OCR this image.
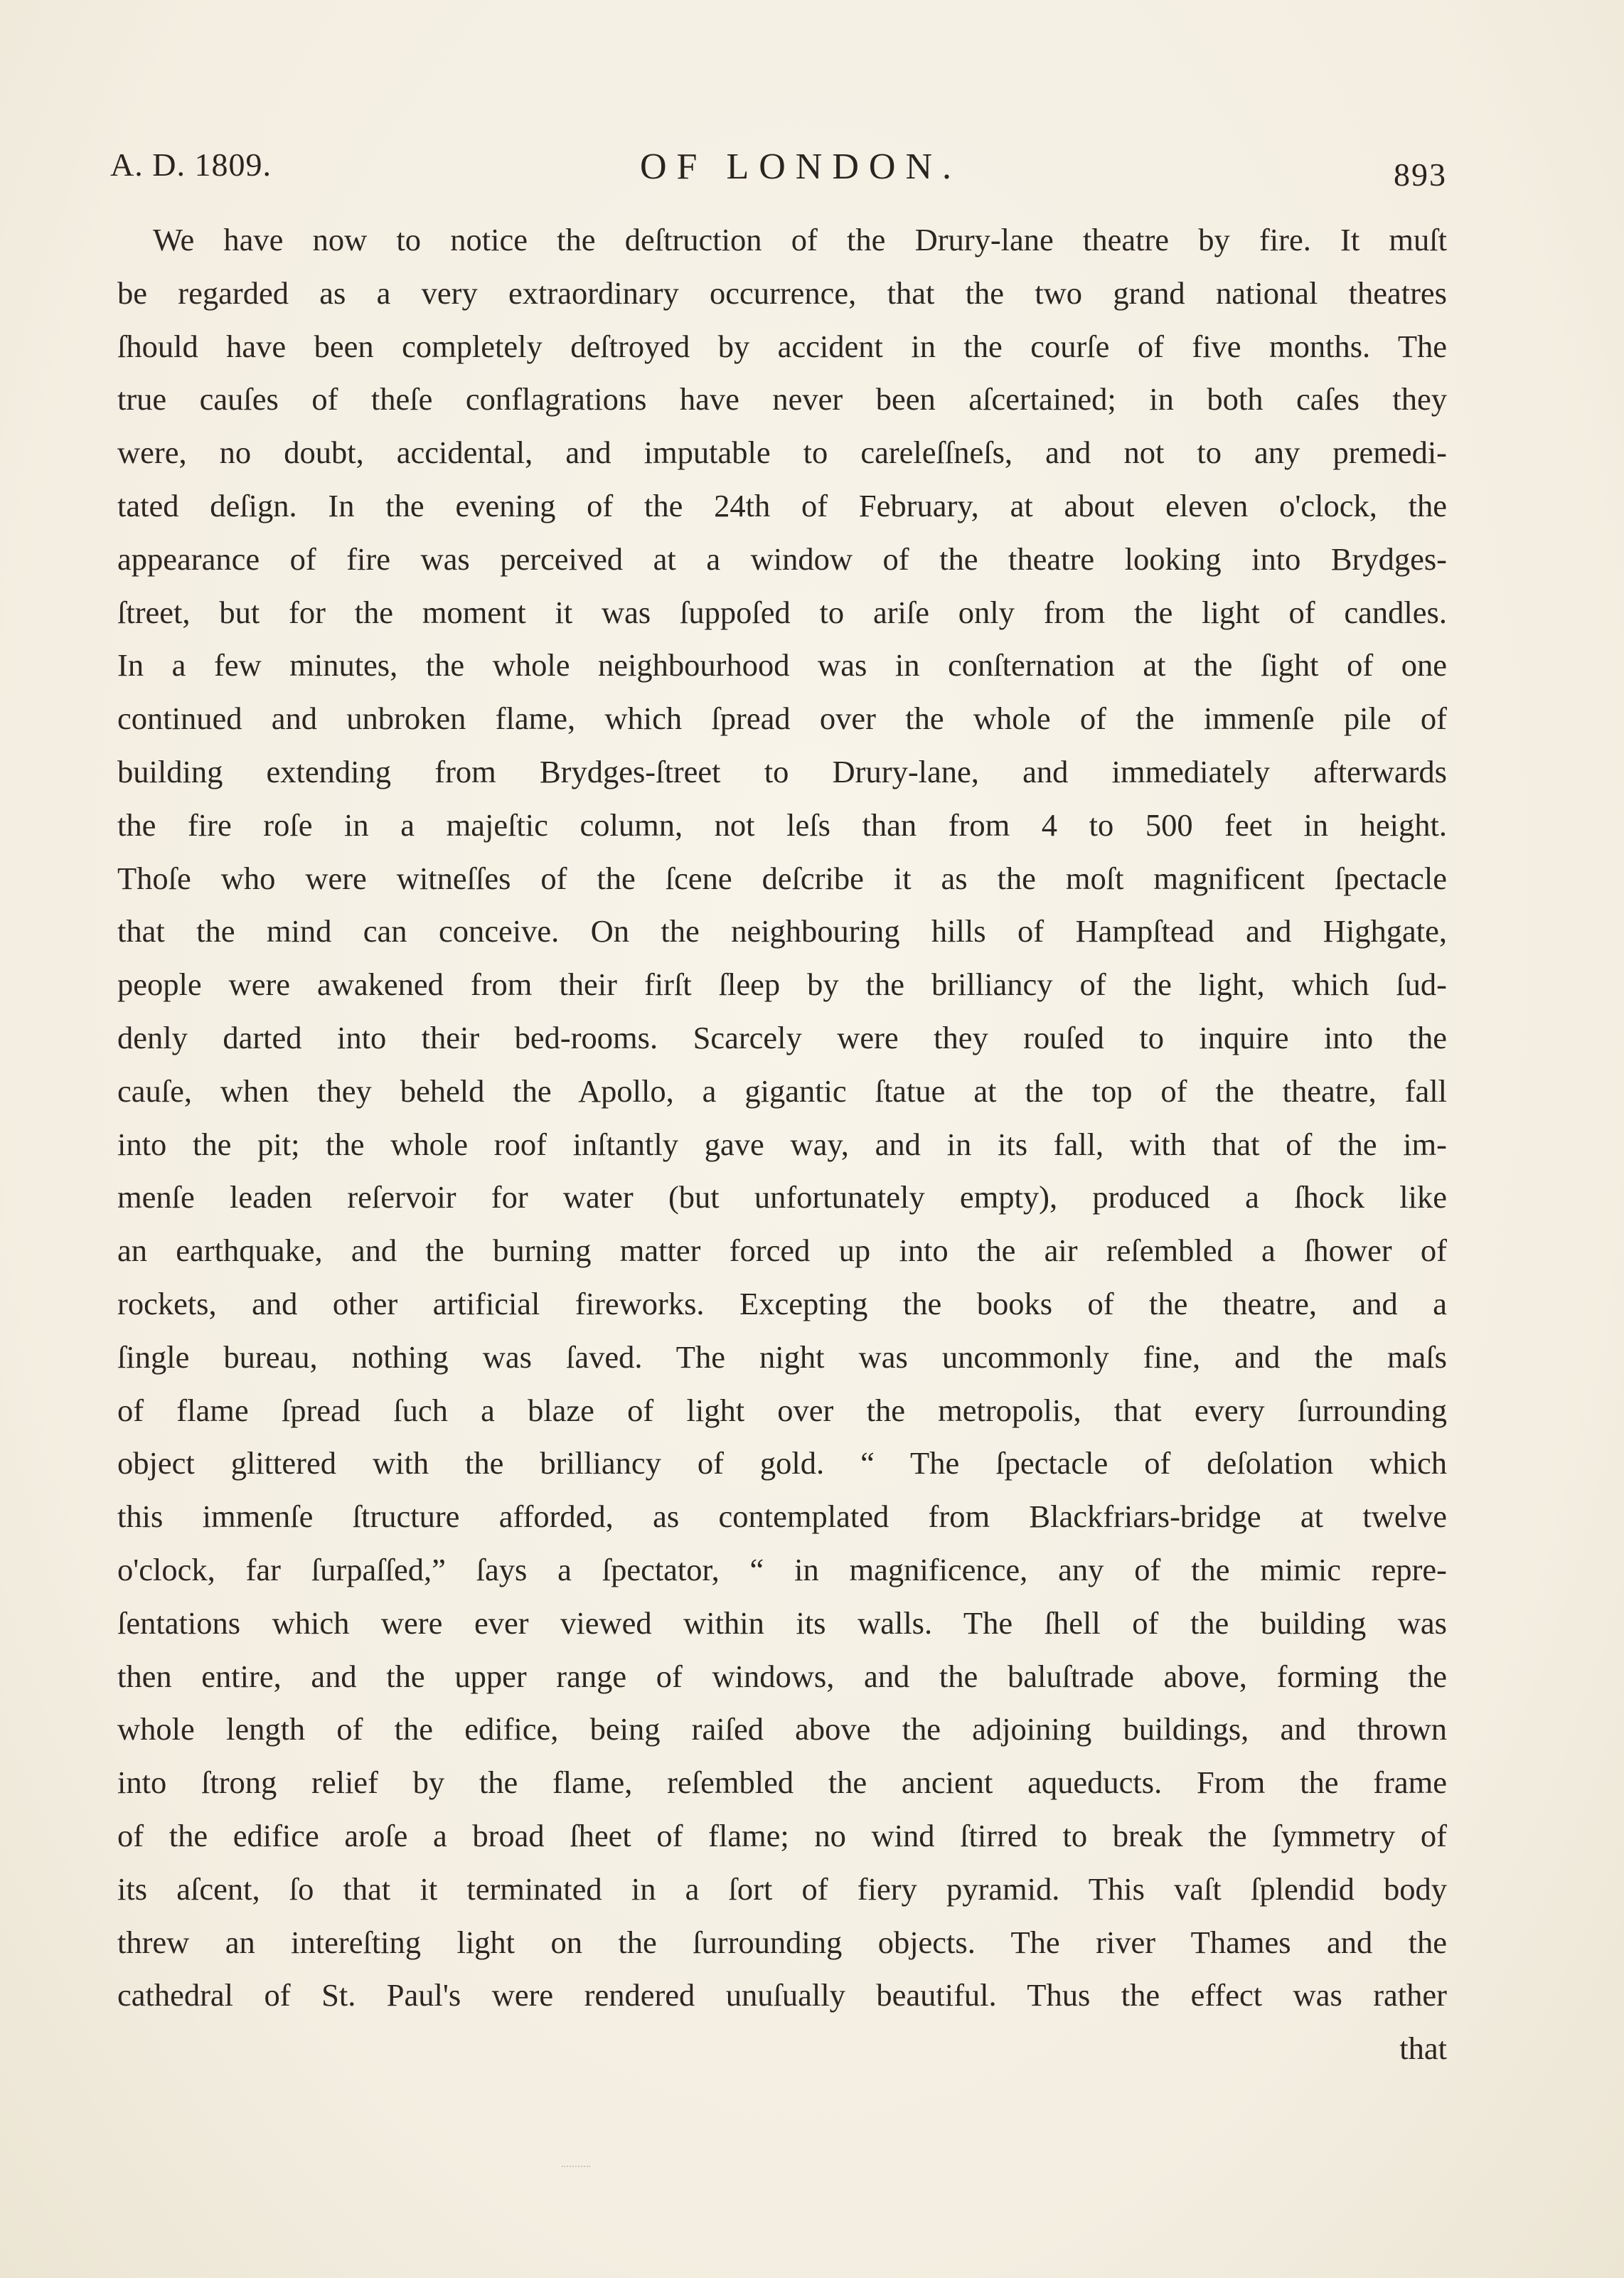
A. D. 1809.	OF LONDON.	893
We have now to notice the deſtruction of the Drury-lane theatre by fire. It muſt
be regarded as a very extraordinary occurrence, that the two grand national theatres
ſhould have been completely deſtroyed by accident in the courſe of five months. The
true cauſes of theſe conflagrations have never been aſcertained; in both caſes they
were, no doubt, accidental, and imputable to careleſſneſs, and not to any premedi-
tated deſign. In the evening of the 24th of February, at about eleven o'clock, the
appearance of fire was perceived at a window of the theatre looking into Brydges-
ſtreet, but for the moment it was ſuppoſed to ariſe only from the light of candles.
In a few minutes, the whole neighbourhood was in conſternation at the ſight of one
continued and unbroken flame, which ſpread over the whole of the immenſe pile of
building extending from Brydges-ſtreet to Drury-lane, and immediately afterwards
the fire roſe in a majeſtic column, not leſs than from 4 to 500 feet in height.
Thoſe who were witneſſes of the ſcene deſcribe it as the moſt magnificent ſpectacle
that the mind can conceive. On the neighbouring hills of Hampſtead and Highgate,
people were awakened from their firſt ſleep by the brilliancy of the light, which ſud-
denly darted into their bed-rooms. Scarcely were they rouſed to inquire into the
cauſe, when they beheld the Apollo, a gigantic ſtatue at the top of the theatre, fall
into the pit; the whole roof inſtantly gave way, and in its fall, with that of the im-
menſe leaden reſervoir for water (but unfortunately empty), produced a ſhock like
an earthquake, and the burning matter forced up into the air reſembled a ſhower of
rockets, and other artificial fireworks. Excepting the books of the theatre, and a
ſingle bureau, nothing was ſaved. The night was uncommonly fine, and the maſs
of flame ſpread ſuch a blaze of light over the metropolis, that every ſurrounding
object glittered with the brilliancy of gold. “ The ſpectacle of deſolation which
this immenſe ſtructure afforded, as contemplated from Blackfriars-bridge at twelve
o'clock, far ſurpaſſed,” ſays a ſpectator, “ in magnificence, any of the mimic repre-
ſentations which were ever viewed within its walls. The ſhell of the building was
then entire, and the upper range of windows, and the baluſtrade above, forming the
whole length of the edifice, being raiſed above the adjoining buildings, and thrown
into ſtrong relief by the flame, reſembled the ancient aqueducts. From the frame
of the edifice aroſe a broad ſheet of flame; no wind ſtirred to break the ſymmetry of
its aſcent, ſo that it terminated in a ſort of fiery pyramid. This vaſt ſplendid body
threw an intereſting light on the ſurrounding objects. The river Thames and the
cathedral of St. Paul's were rendered unuſually beautiful. Thus the effect was rather
that
